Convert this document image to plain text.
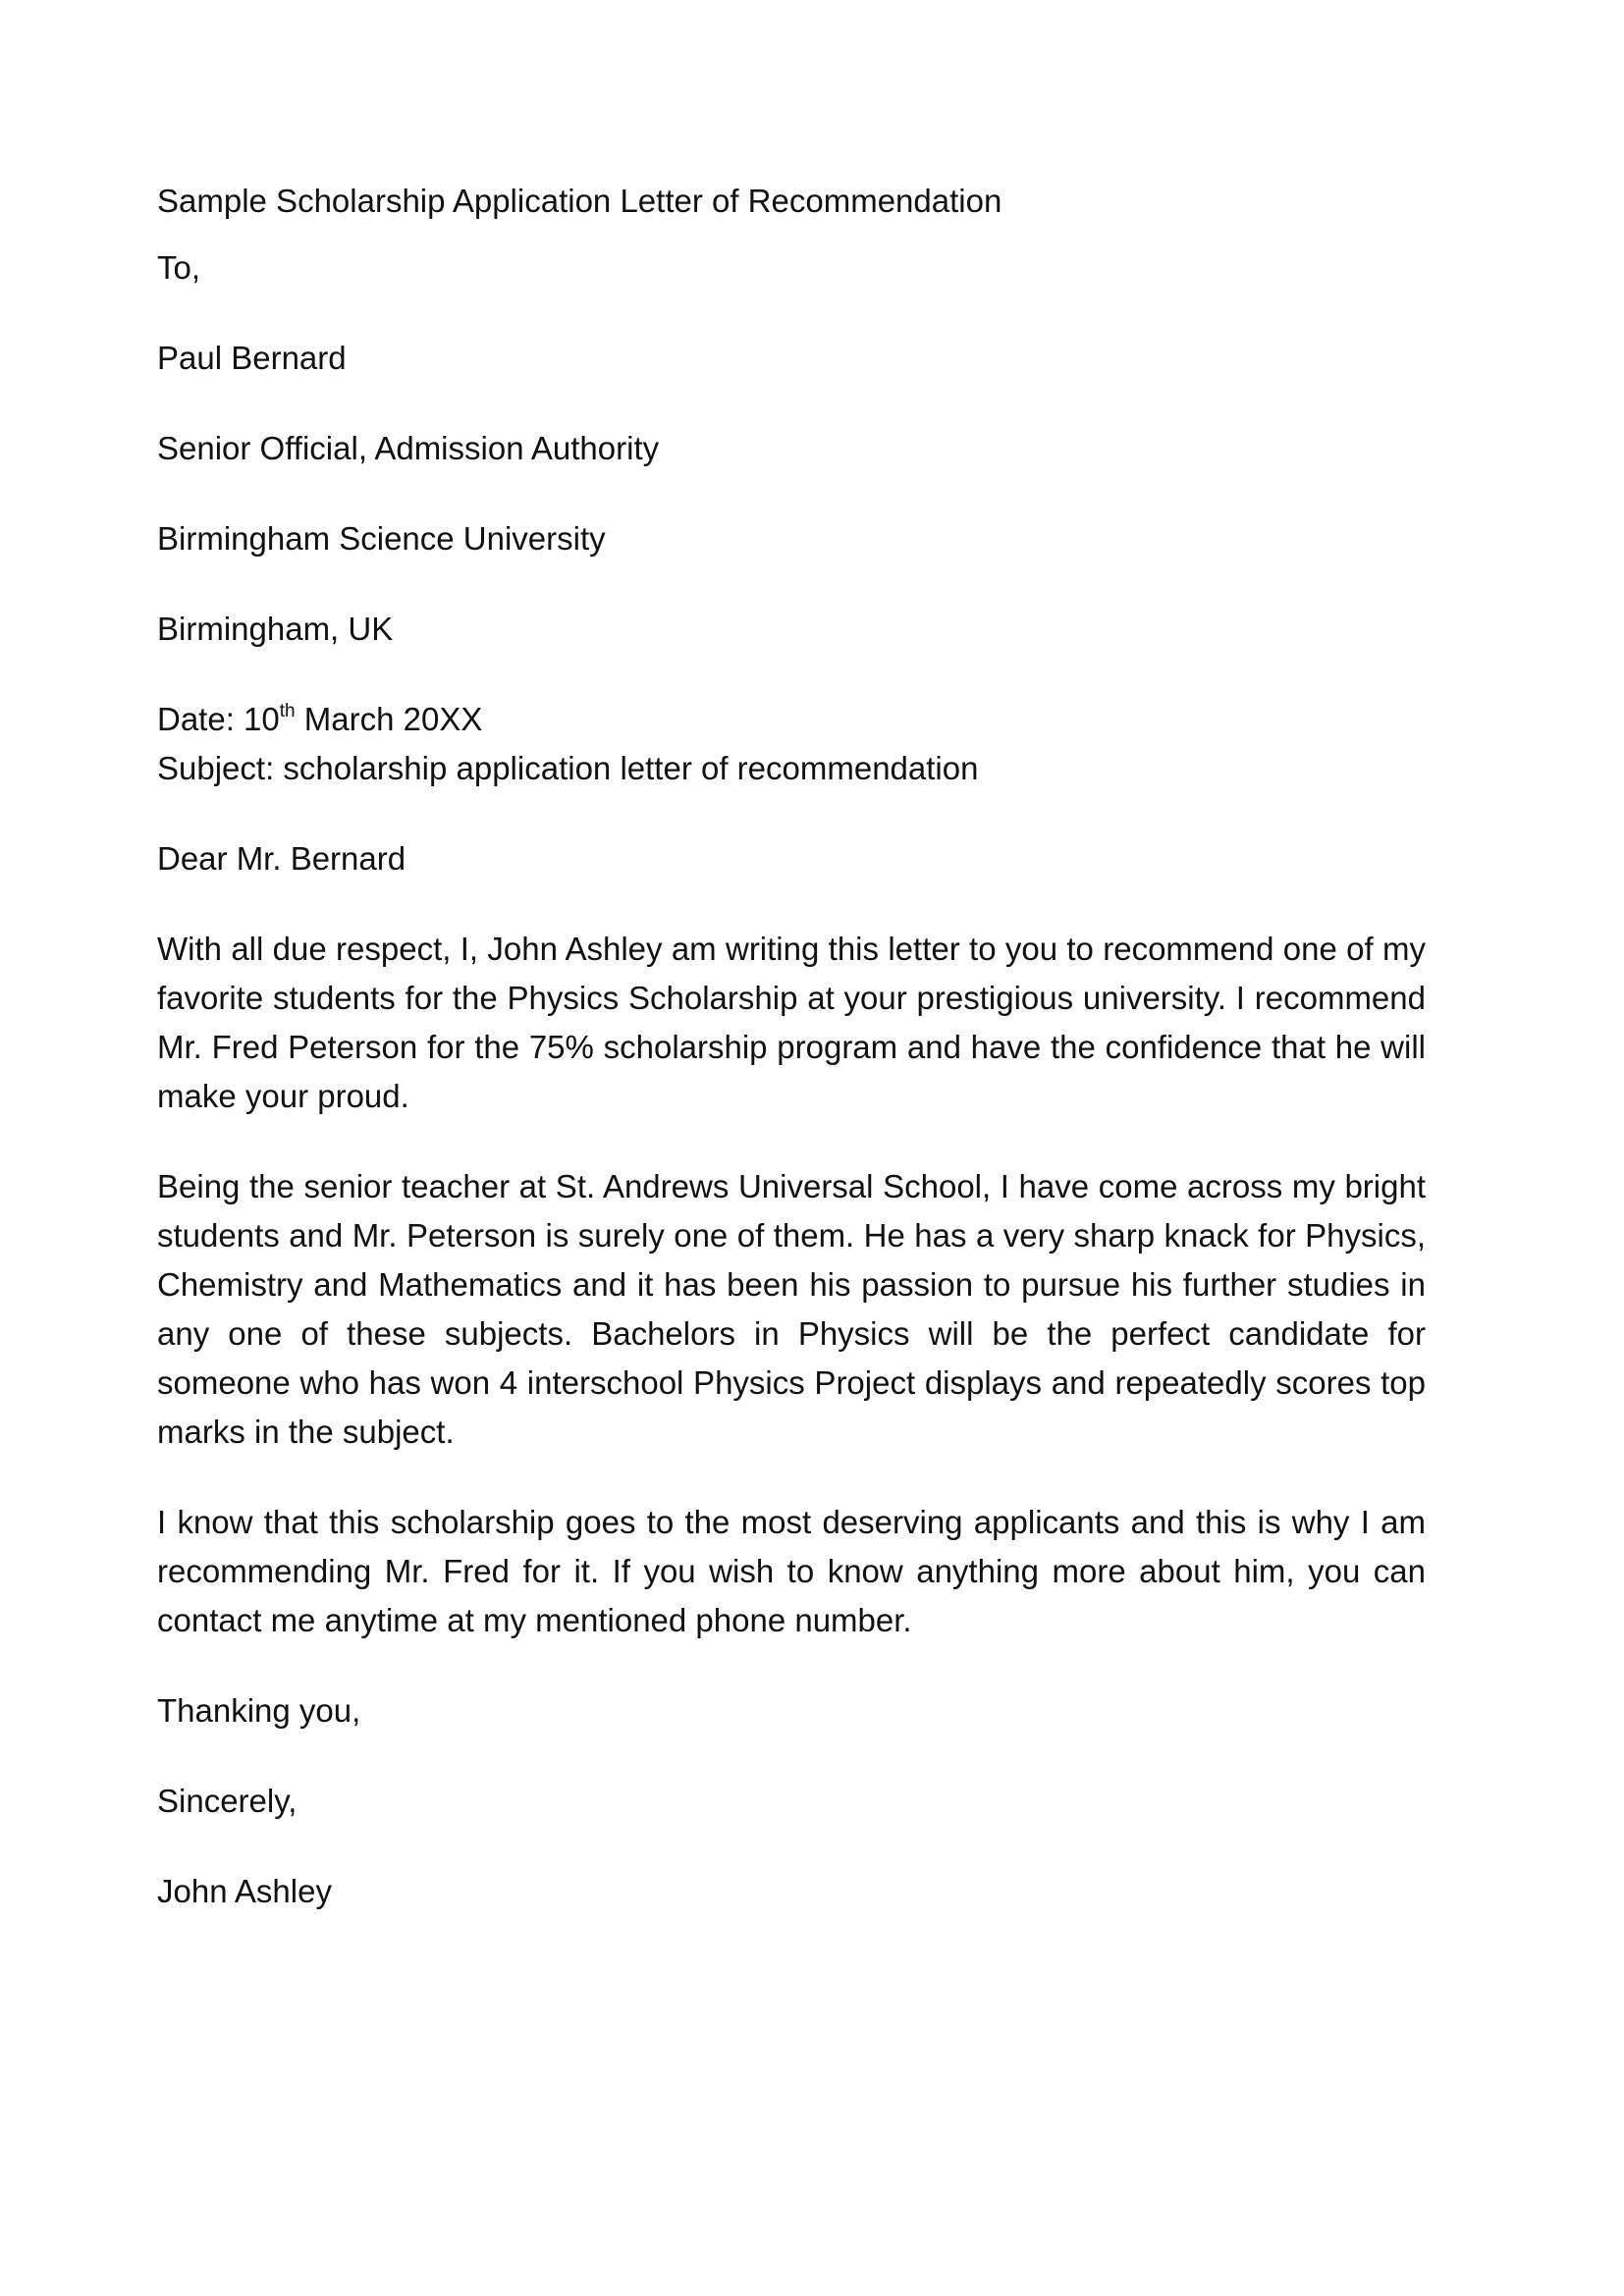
Sample Scholarship Application Letter of Recommendation

To,

Paul Bernard

Senior Official, Admission Authority

Birmingham Science University

Birmingham, UK

Date: 10th March 20XX

Subject: scholarship application letter of recommendation

Dear Mr. Bernard

With all due respect, I, John Ashley am writing this letter to you to recommend one of my favorite students for the Physics Scholarship at your prestigious university. I recommend Mr. Fred Peterson for the 75% scholarship program and have the confidence that he will make your proud.

Being the senior teacher at St. Andrews Universal School, I have come across my bright students and Mr. Peterson is surely one of them. He has a very sharp knack for Physics, Chemistry and Mathematics and it has been his passion to pursue his further studies in any one of these subjects. Bachelors in Physics will be the perfect candidate for someone who has won 4 interschool Physics Project displays and repeatedly scores top marks in the subject.

I know that this scholarship goes to the most deserving applicants and this is why I am recommending Mr. Fred for it. If you wish to know anything more about him, you can contact me anytime at my mentioned phone number.

Thanking you,

Sincerely,

John Ashley
